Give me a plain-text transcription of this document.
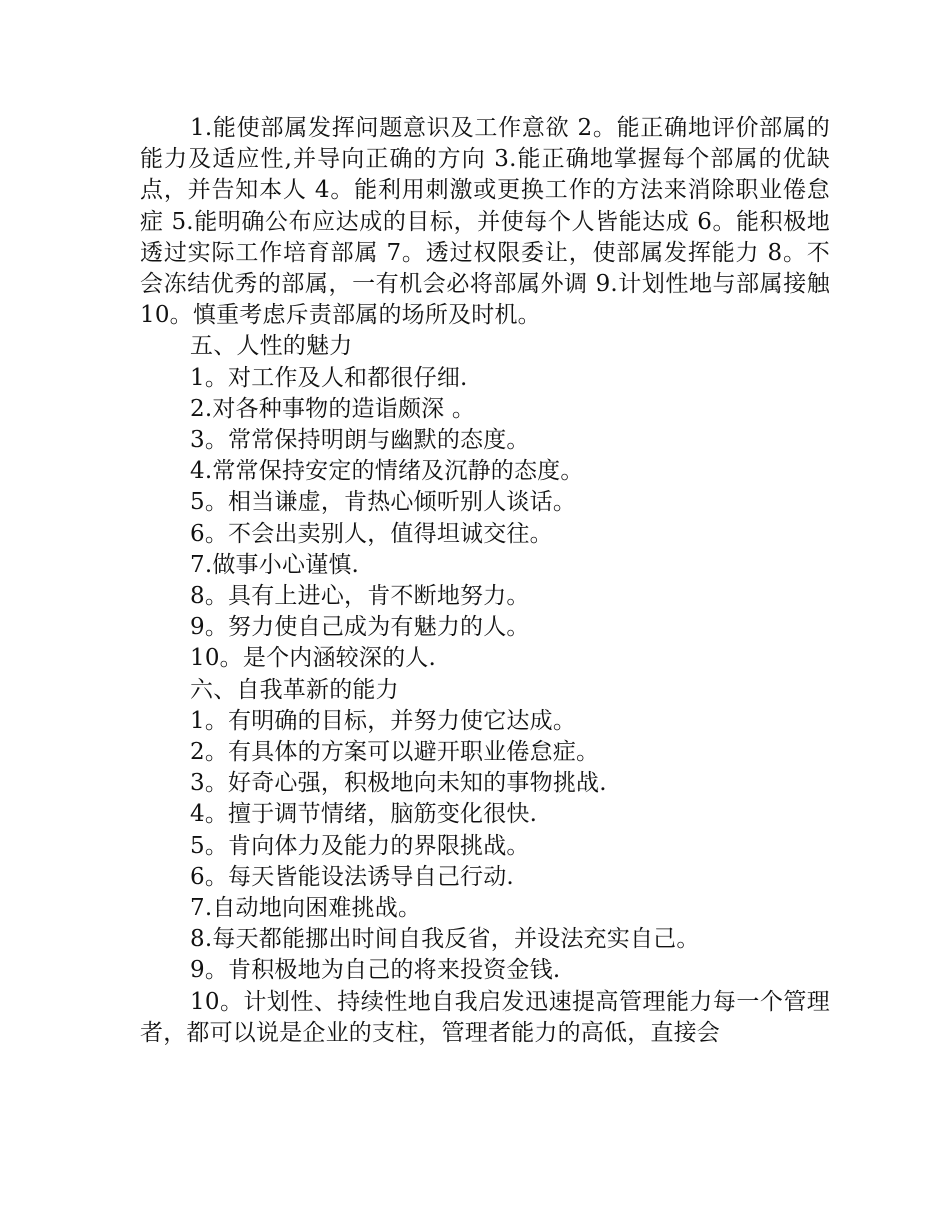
1.能使部属发挥问题意识及工作意欲 2。能正确地评价部属的能力及适应性,并导向正确的方向 3.能正确地掌握每个部属的优缺点，并告知本人 4。能利用刺激或更换工作的方法来消除职业倦怠症 5.能明确公布应达成的目标，并使每个人皆能达成 6。能积极地透过实际工作培育部属 7。透过权限委让，使部属发挥能力 8。不会冻结优秀的部属，一有机会必将部属外调 9.计划性地与部属接触 10。慎重考虑斥责部属的场所及时机。

五、人性的魅力

1。对工作及人和都很仔细.

2.对各种事物的造诣颇深 。

3。常常保持明朗与幽默的态度。

4.常常保持安定的情绪及沉静的态度。

5。相当谦虚，肯热心倾听别人谈话。

6。不会出卖别人，值得坦诚交往。

7.做事小心谨慎.

8。具有上进心，肯不断地努力。

9。努力使自己成为有魅力的人。

10。是个内涵较深的人.

六、自我革新的能力

1。有明确的目标，并努力使它达成。

2。有具体的方案可以避开职业倦怠症。

3。好奇心强，积极地向未知的事物挑战.

4。擅于调节情绪，脑筋变化很快.

5。肯向体力及能力的界限挑战。

6。每天皆能设法诱导自己行动.

7.自动地向困难挑战。

8.每天都能挪出时间自我反省，并设法充实自己。

9。肯积极地为自己的将来投资金钱.

10。计划性、持续性地自我启发迅速提高管理能力每一个管理者，都可以说是企业的支柱，管理者能力的高低，直接会
